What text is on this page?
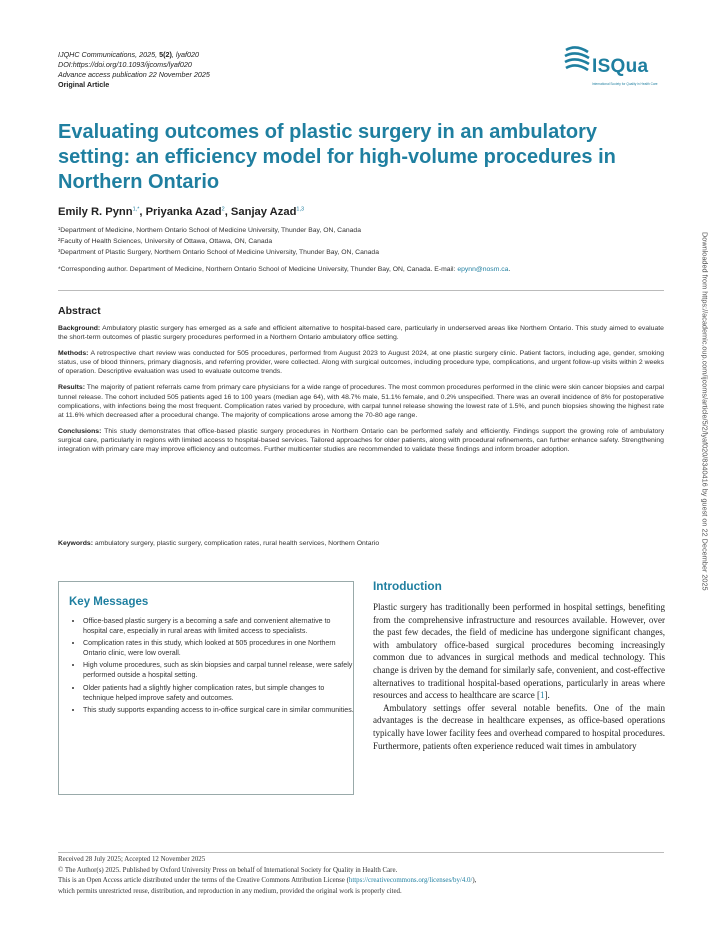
IJQHC Communications, 2025, 5(2), lyaf020
DOI:https://doi.org/10.1093/ijcoms/lyaf020
Advance access publication 22 November 2025
Original Article
ISQua
International Society for Quality in Health Care
Evaluating outcomes of plastic surgery in an ambulatory setting: an efficiency model for high-volume procedures in Northern Ontario
Emily R. Pynn$^{1,*}$, Priyanka Azad$^2$, Sanjay Azad$^{1,3}$
¹Department of Medicine, Northern Ontario School of Medicine University, Thunder Bay, ON, Canada
²Faculty of Health Sciences, University of Ottawa, Ottawa, ON, Canada
³Department of Plastic Surgery, Northern Ontario School of Medicine University, Thunder Bay, ON, Canada
*Corresponding author. Department of Medicine, Northern Ontario School of Medicine University, Thunder Bay, ON, Canada. E-mail: epynn@nosm.ca.	Downloaded from https://academic.oup.com/ijcoms/article/5/2/lyaf020/8340416 by guest on 22 December 2025
Abstract

Background: Ambulatory plastic surgery has emerged as a safe and efficient alternative to hospital-based care, particularly in underserved areas like Northern Ontario. This study aimed to evaluate the short-term outcomes of plastic surgery procedures performed in a Northern Ontario ambulatory office setting.

Methods: A retrospective chart review was conducted for 505 procedures, performed from August 2023 to August 2024, at one plastic surgery clinic. Patient factors, including age, gender, smoking status, use of blood thinners, primary diagnosis, and referring provider, were collected. Along with surgical outcomes, including procedure type, complications, and urgent follow-up visits within 2 weeks of operation. Descriptive evaluation was used to evaluate outcome trends.

Results: The majority of patient referrals came from primary care physicians for a wide range of procedures. The most common procedures performed in the clinic were skin cancer biopsies and carpal tunnel release. The cohort included 505 patients aged 16 to 100 years (median age 64), with 48.7% male, 51.1% female, and 0.2% unspecified. There was an overall incidence of 8% for postoperative complications, with infections being the most frequent. Complication rates varied by procedure, with carpal tunnel release showing the lowest rate of 1.5%, and punch biopsies showing the highest rate at 11.6% which decreased after a procedural change. The majority of complications arose among the 70-80 age range.

Conclusions: This study demonstrates that office-based plastic surgery procedures in Northern Ontario can be performed safely and efficiently. Findings support the growing role of ambulatory surgical care, particularly in regions with limited access to hospital-based services. Tailored approaches for older patients, along with procedural refinements, can further enhance safety. Strengthening integration with primary care may improve efficiency and outcomes. Further multicenter studies are recommended to validate these findings and inform broader adoption.

Keywords: ambulatory surgery, plastic surgery, complication rates, rural health services, Northern Ontario
Key Messages
• Office-based plastic surgery is a becoming a safe and convenient alternative to hospital care, especially in rural areas with limited access to specialists.
• Complication rates in this study, which looked at 505 procedures in one Northern Ontario clinic, were low overall.
• High volume procedures, such as skin biopsies and carpal tunnel release, were safely performed outside a hospital setting.
• Older patients had a slightly higher complication rates, but simple changes to technique helped improve safety and outcomes.
• This study supports expanding access to in-office surgical care in similar communities.
Introduction

Plastic surgery has traditionally been performed in hospital settings, benefiting from the comprehensive infrastructure and resources available. However, over the past few decades, the field of medicine has undergone significant changes, with ambulatory office-based surgical procedures becoming increasingly common due to advances in surgical methods and medical technology. This change is driven by the demand for similarly safe, convenient, and cost-effective alternatives to traditional hospital-based operations, particularly in areas where resources and access to healthcare are scarce [1].

Ambulatory settings offer several notable benefits. One of the main advantages is the decrease in healthcare expenses, as office-based operations typically have lower facility fees and overhead compared to hospital procedures. Furthermore, patients often experience reduced wait times in ambulatory

Received 28 July 2025; Accepted 12 November 2025
© The Author(s) 2025. Published by Oxford University Press on behalf of International Society for Quality in Health Care.
This is an Open Access article distributed under the terms of the Creative Commons Attribution License (https://creativecommons.org/licenses/by/4.0/),
which permits unrestricted reuse, distribution, and reproduction in any medium, provided the original work is properly cited.
